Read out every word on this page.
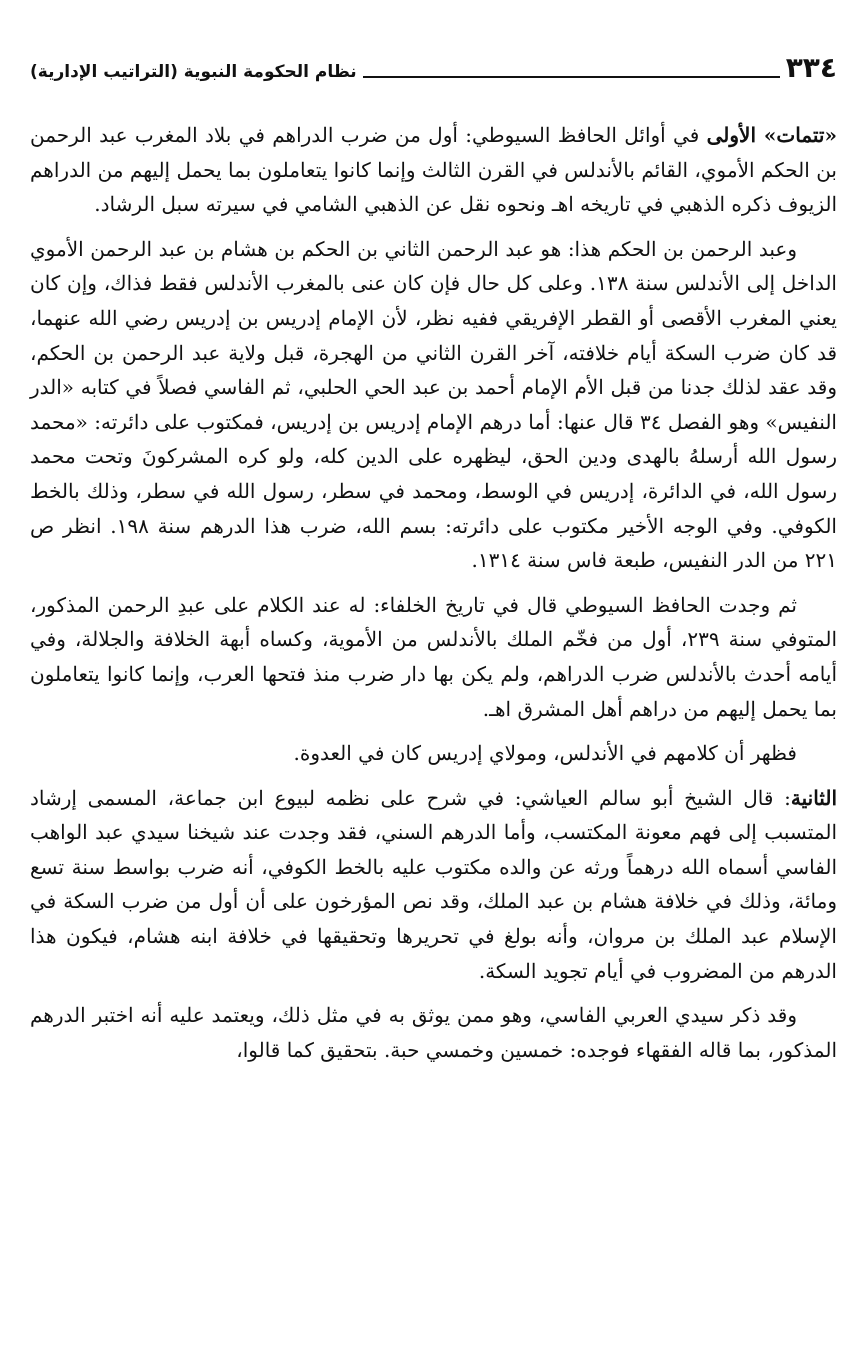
٣٣٤
نظام الحكومة النبوية (التراتيب الإدارية)

«تتمات» الأولى في أوائل الحافظ السيوطي: أول من ضرب الدراهم في بلاد المغرب عبد الرحمن بن الحكم الأموي، القائم بالأندلس في القرن الثالث وإنما كانوا يتعاملون بما يحمل إليهم من الدراهم الزيوف ذكره الذهبي في تاريخه اهـ ونحوه نقل عن الذهبي الشامي في سيرته سبل الرشاد.

وعبد الرحمن بن الحكم هذا: هو عبد الرحمن الثاني بن الحكم بن هشام بن عبد الرحمن الأموي الداخل إلى الأندلس سنة ١٣٨. وعلى كل حال فإن كان عنى بالمغرب الأندلس فقط فذاك، وإن كان يعني المغرب الأقصى أو القطر الإفريقي ففيه نظر، لأن الإمام إدريس بن إدريس رضي الله عنهما، قد كان ضرب السكة أيام خلافته، آخر القرن الثاني من الهجرة، قبل ولاية عبد الرحمن بن الحكم، وقد عقد لذلك جدنا من قبل الأم الإمام أحمد بن عبد الحي الحلبي، ثم الفاسي فصلاً في كتابه «الدر النفيس» وهو الفصل ٣٤ قال عنها: أما درهم الإمام إدريس بن إدريس، فمكتوب على دائرته: «محمد رسول الله أرسلهُ بالهدى ودين الحق، ليظهره على الدين كله، ولو كره المشركونَ وتحت محمد رسول الله، في الدائرة، إدريس في الوسط، ومحمد في سطر، رسول الله في سطر، وذلك بالخط الكوفي. وفي الوجه الأخير مكتوب على دائرته: بسم الله، ضرب هذا الدرهم سنة ١٩٨. انظر ص ٢٢١ من الدر النفيس، طبعة فاس سنة ١٣١٤.

ثم وجدت الحافظ السيوطي قال في تاريخ الخلفاء: له عند الكلام على عبدِ الرحمن المذكور، المتوفي سنة ٢٣٩، أول من فخّم الملك بالأندلس من الأموية، وكساه أبهة الخلافة والجلالة، وفي أيامه أحدث بالأندلس ضرب الدراهم، ولم يكن بها دار ضرب منذ فتحها العرب، وإنما كانوا يتعاملون بما يحمل إليهم من دراهم أهل المشرق اهـ.

فظهر أن كلامهم في الأندلس، ومولاي إدريس كان في العدوة.

الثانية: قال الشيخ أبو سالم العياشي: في شرح على نظمه لبيوع ابن جماعة، المسمى إرشاد المتسبب إلى فهم معونة المكتسب، وأما الدرهم السني، فقد وجدت عند شيخنا سيدي عبد الواهب الفاسي أسماه الله درهماً ورثه عن والده مكتوب عليه بالخط الكوفي، أنه ضرب بواسط سنة تسع ومائة، وذلك في خلافة هشام بن عبد الملك، وقد نص المؤرخون على أن أول من ضرب السكة في الإسلام عبد الملك بن مروان، وأنه بولغ في تحريرها وتحقيقها في خلافة ابنه هشام، فيكون هذا الدرهم من المضروب في أيام تجويد السكة.

وقد ذكر سيدي العربي الفاسي، وهو ممن يوثق به في مثل ذلك، ويعتمد عليه أنه اختبر الدرهم المذكور، بما قاله الفقهاء فوجده: خمسين وخمسي حبة. بتحقيق كما قالوا،
